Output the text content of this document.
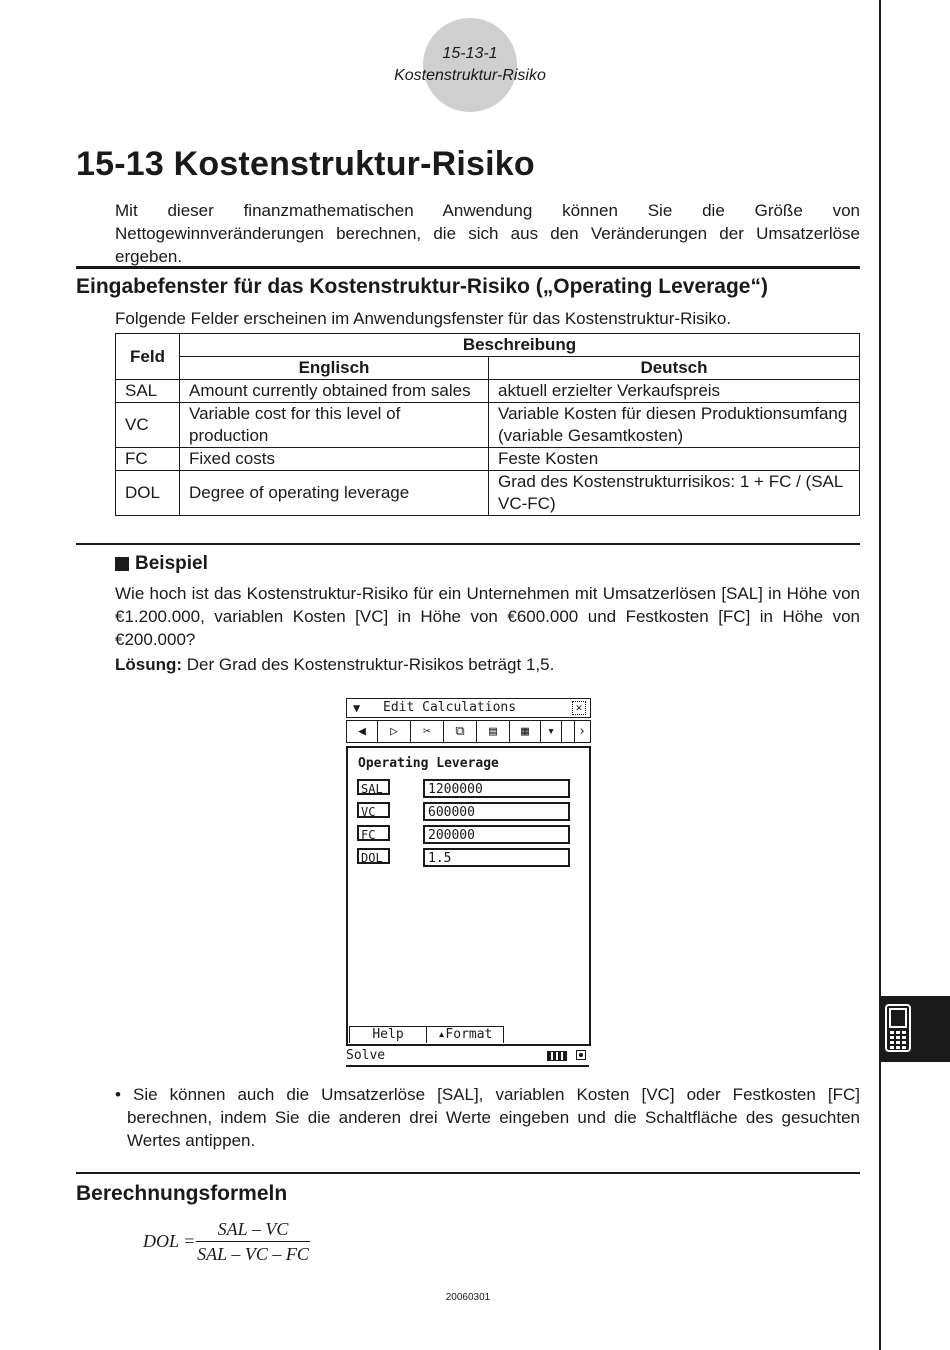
15-13-1
Kostenstruktur-Risiko
15-13 Kostenstruktur-Risiko

Mit dieser finanzmathematischen Anwendung können Sie die Größe von Nettogewinnveränderungen berechnen, die sich aus den Veränderungen der Umsatzerlöse ergeben.

Eingabefenster für das Kostenstruktur-Risiko („Operating Leverage“)

Folgende Felder erscheinen im Anwendungsfenster für das Kostenstruktur-Risiko.

Feld	Beschreibung	
	Englisch	Deutsch
SAL	Amount currently obtained from sales	aktuell erzielter Verkaufspreis
VC	Variable cost for this level of production	Variable Kosten für diesen Produktionsumfang (variable Gesamtkosten)
FC	Fixed costs	Feste Kosten
DOL	Degree of operating leverage	Grad des Kostenstrukturrisikos: 1 + FC / (SAL VC-FC)
Beispiel

Wie hoch ist das Kostenstruktur-Risiko für ein Unternehmen mit Umsatzerlösen [SAL] in Höhe von €1.200.000, variablen Kosten [VC] in Höhe von €600.000 und Festkosten [FC] in Höhe von €200.000?

Lösung: Der Grad des Kostenstruktur-Risikos beträgt 1,5.

▼ Edit Calculations	✕
◀	▷	✂	⧉	▤	▦	▾	›
Operating Leverage
SAL	1200000
VC	600000
FC	200000
DOL	1.5
Help	▴Format
Solve

• Sie können auch die Umsatzerlöse [SAL], variablen Kosten [VC] oder Festkosten [FC] berechnen, indem Sie die anderen drei Werte eingeben und die Schaltfläche des gesuchten Wertes antippen.

Berechnungsformeln
DOL =
SAL – VC
SAL – VC – FC
20060301
